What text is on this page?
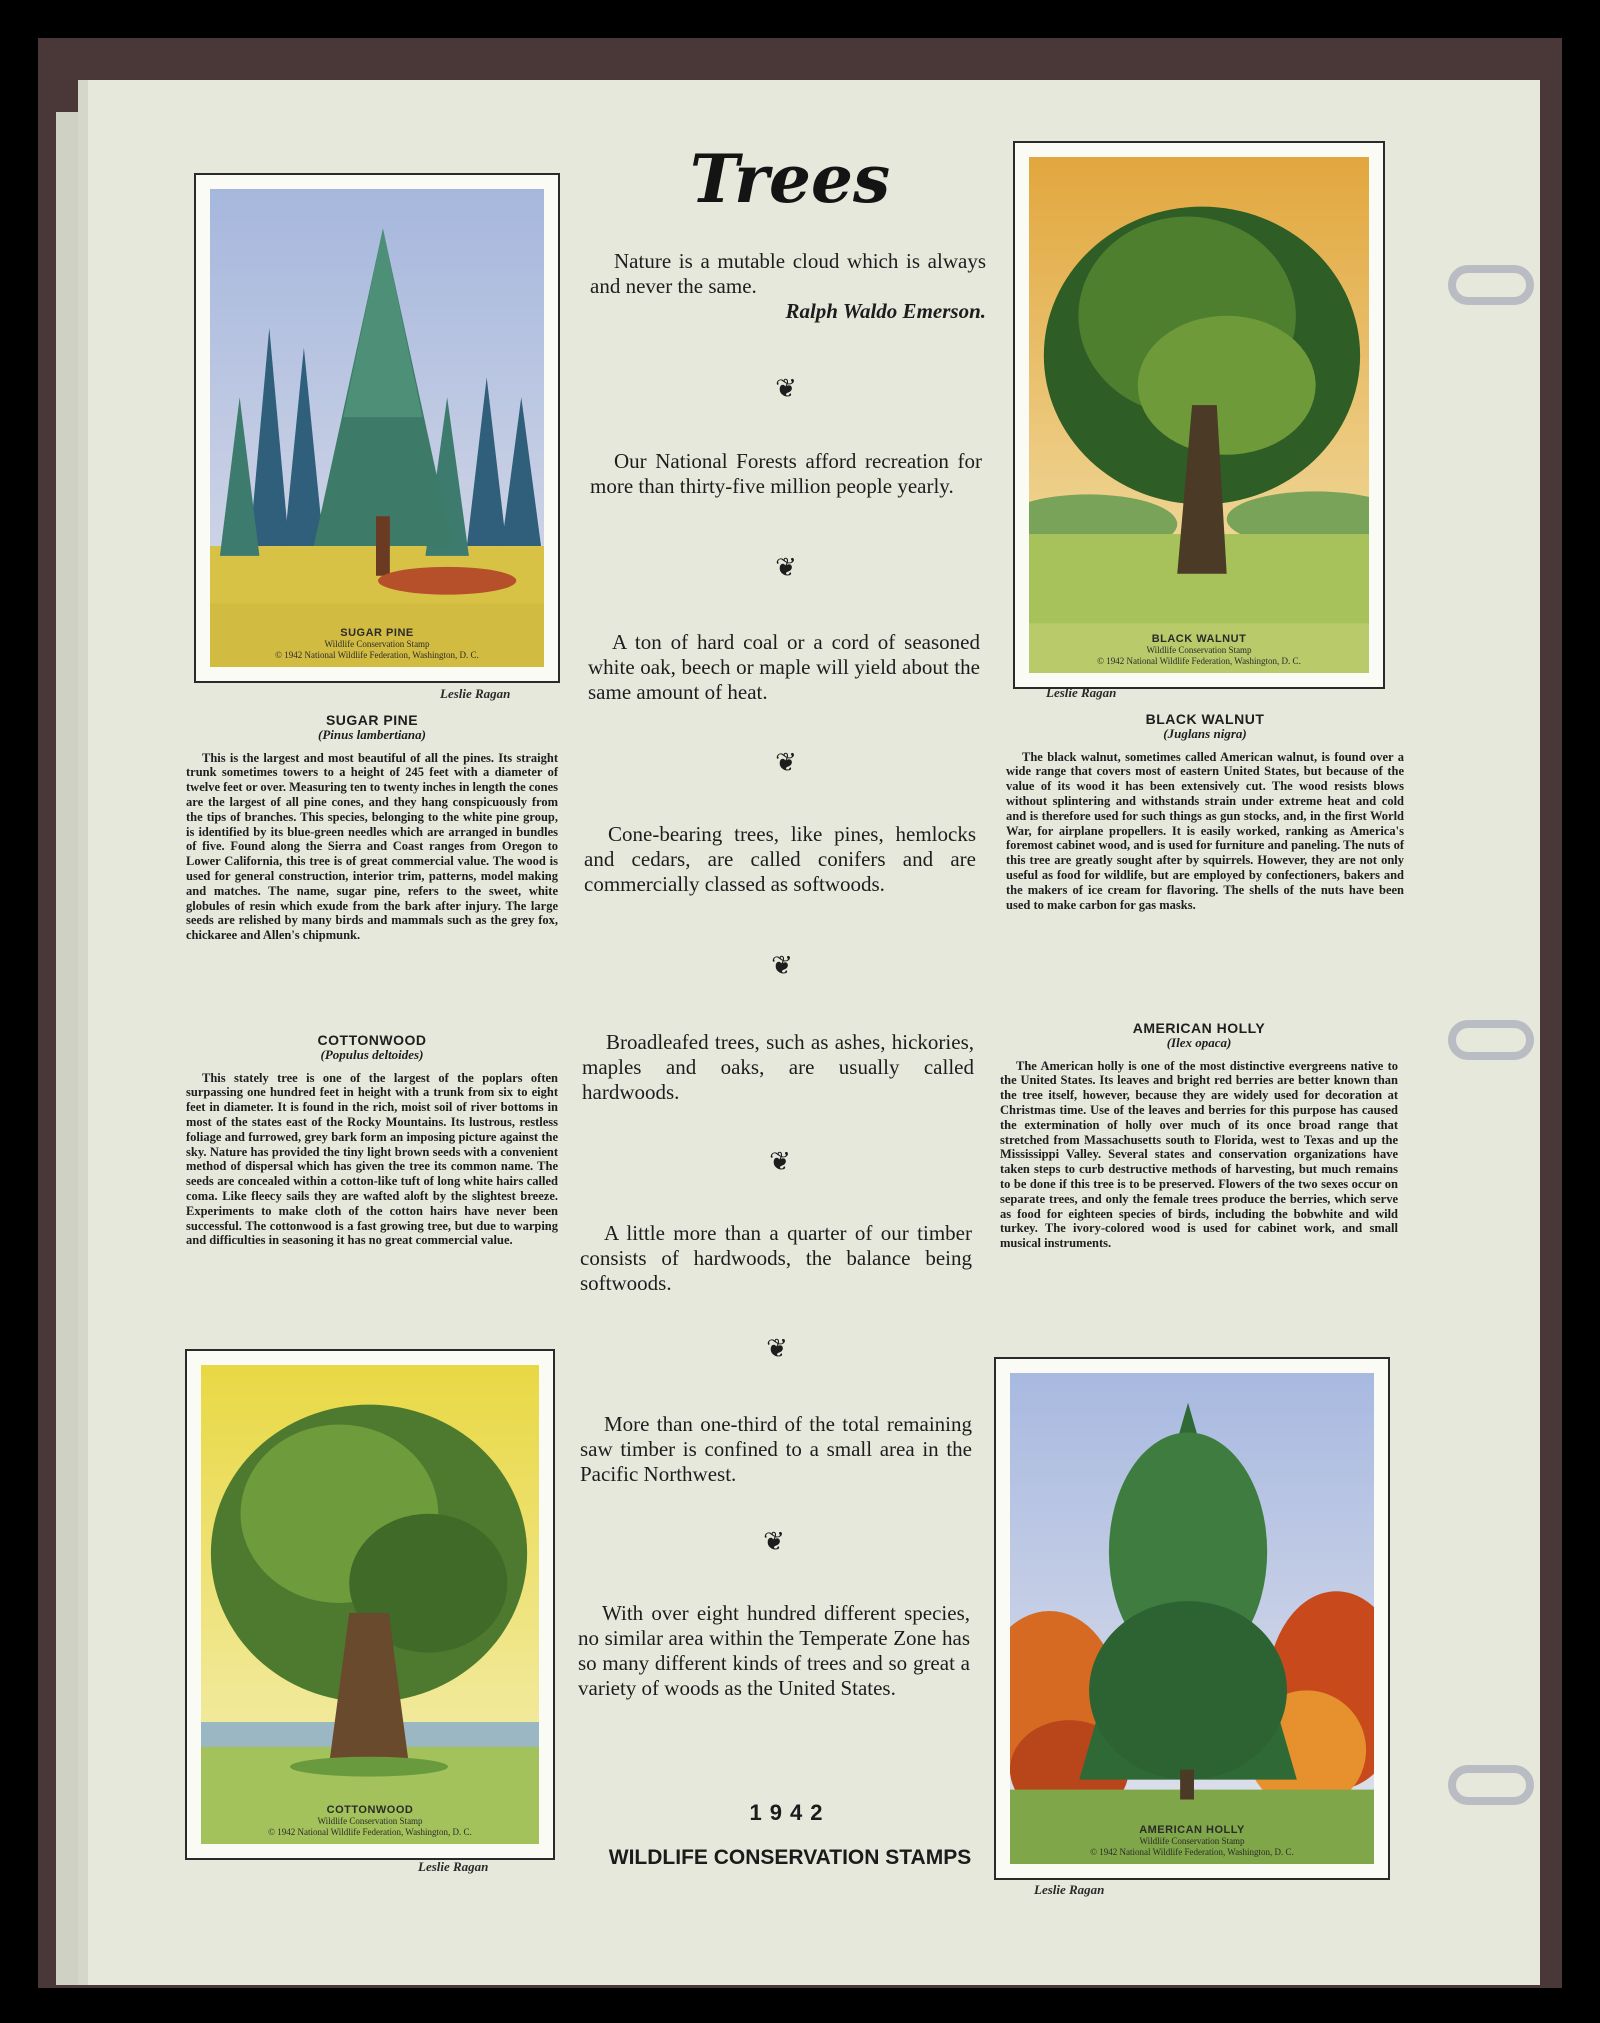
SUGAR PINE
Wildlife Conservation Stamp
© 1942 National Wildlife Federation, Washington, D. C.
Leslie Ragan
BLACK WALNUT
Wildlife Conservation Stamp
© 1942 National Wildlife Federation, Washington, D. C.
Leslie Ragan
COTTONWOOD
Wildlife Conservation Stamp
© 1942 National Wildlife Federation, Washington, D. C.
Leslie Ragan
AMERICAN HOLLY
Wildlife Conservation Stamp
© 1942 National Wildlife Federation, Washington, D. C.
Leslie Ragan
SUGAR PINE
(Pinus lambertiana)

This is the largest and most beautiful of all the pines. Its straight trunk sometimes towers to a height of 245 feet with a diameter of twelve feet or over. Measuring ten to twenty inches in length the cones are the largest of all pine cones, and they hang conspicuously from the tips of branches. This species, belonging to the white pine group, is identified by its blue-green needles which are arranged in bundles of five. Found along the Sierra and Coast ranges from Oregon to Lower California, this tree is of great commercial value. The wood is used for general construction, interior trim, patterns, model making and matches. The name, sugar pine, refers to the sweet, white globules of resin which exude from the bark after injury. The large seeds are relished by many birds and mammals such as the grey fox, chickaree and Allen's chipmunk.

COTTONWOOD
(Populus deltoides)

This stately tree is one of the largest of the poplars often surpassing one hundred feet in height with a trunk from six to eight feet in diameter. It is found in the rich, moist soil of river bottoms in most of the states east of the Rocky Mountains. Its lustrous, restless foliage and furrowed, grey bark form an imposing picture against the sky. Nature has provided the tiny light brown seeds with a convenient method of dispersal which has given the tree its common name. The seeds are concealed within a cotton-like tuft of long white hairs called coma. Like fleecy sails they are wafted aloft by the slightest breeze. Experiments to make cloth of the cotton hairs have never been successful. The cottonwood is a fast growing tree, but due to warping and difficulties in seasoning it has no great commercial value.

BLACK WALNUT
(Juglans nigra)

The black walnut, sometimes called American walnut, is found over a wide range that covers most of eastern United States, but because of the value of its wood it has been extensively cut. The wood resists blows without splintering and withstands strain under extreme heat and cold and is therefore used for such things as gun stocks, and, in the first World War, for airplane propellers. It is easily worked, ranking as America's foremost cabinet wood, and is used for furniture and paneling. The nuts of this tree are greatly sought after by squirrels. However, they are not only useful as food for wildlife, but are employed by confectioners, bakers and the makers of ice cream for flavoring. The shells of the nuts have been used to make carbon for gas masks.

AMERICAN HOLLY
(Ilex opaca)

The American holly is one of the most distinctive evergreens native to the United States. Its leaves and bright red berries are better known than the tree itself, however, because they are widely used for decoration at Christmas time. Use of the leaves and berries for this purpose has caused the extermination of holly over much of its once broad range that stretched from Massachusetts south to Florida, west to Texas and up the Mississippi Valley. Several states and conservation organizations have taken steps to curb destructive methods of harvesting, but much remains to be done if this tree is to be preserved. Flowers of the two sexes occur on separate trees, and only the female trees produce the berries, which serve as food for eighteen species of birds, including the bobwhite and wild turkey. The ivory-colored wood is used for cabinet work, and small musical instruments.

Trees

Nature is a mutable cloud which is always and never the same.

Ralph Waldo Emerson.
❦

Our National Forests afford recreation for more than thirty-five million people yearly.

❦

A ton of hard coal or a cord of seasoned white oak, beech or maple will yield about the same amount of heat.

❦

Cone-bearing trees, like pines, hemlocks and cedars, are called conifers and are commercially classed as softwoods.

❦

Broadleafed trees, such as ashes, hickories, maples and oaks, are usually called hardwoods.

❦

A little more than a quarter of our timber consists of hardwoods, the balance being softwoods.

❦

More than one-third of the total remaining saw timber is confined to a small area in the Pacific Northwest.

❦

With over eight hundred different species, no similar area within the Temperate Zone has so many different kinds of trees and so great a variety of woods as the United States.

1942
WILDLIFE CONSERVATION STAMPS
